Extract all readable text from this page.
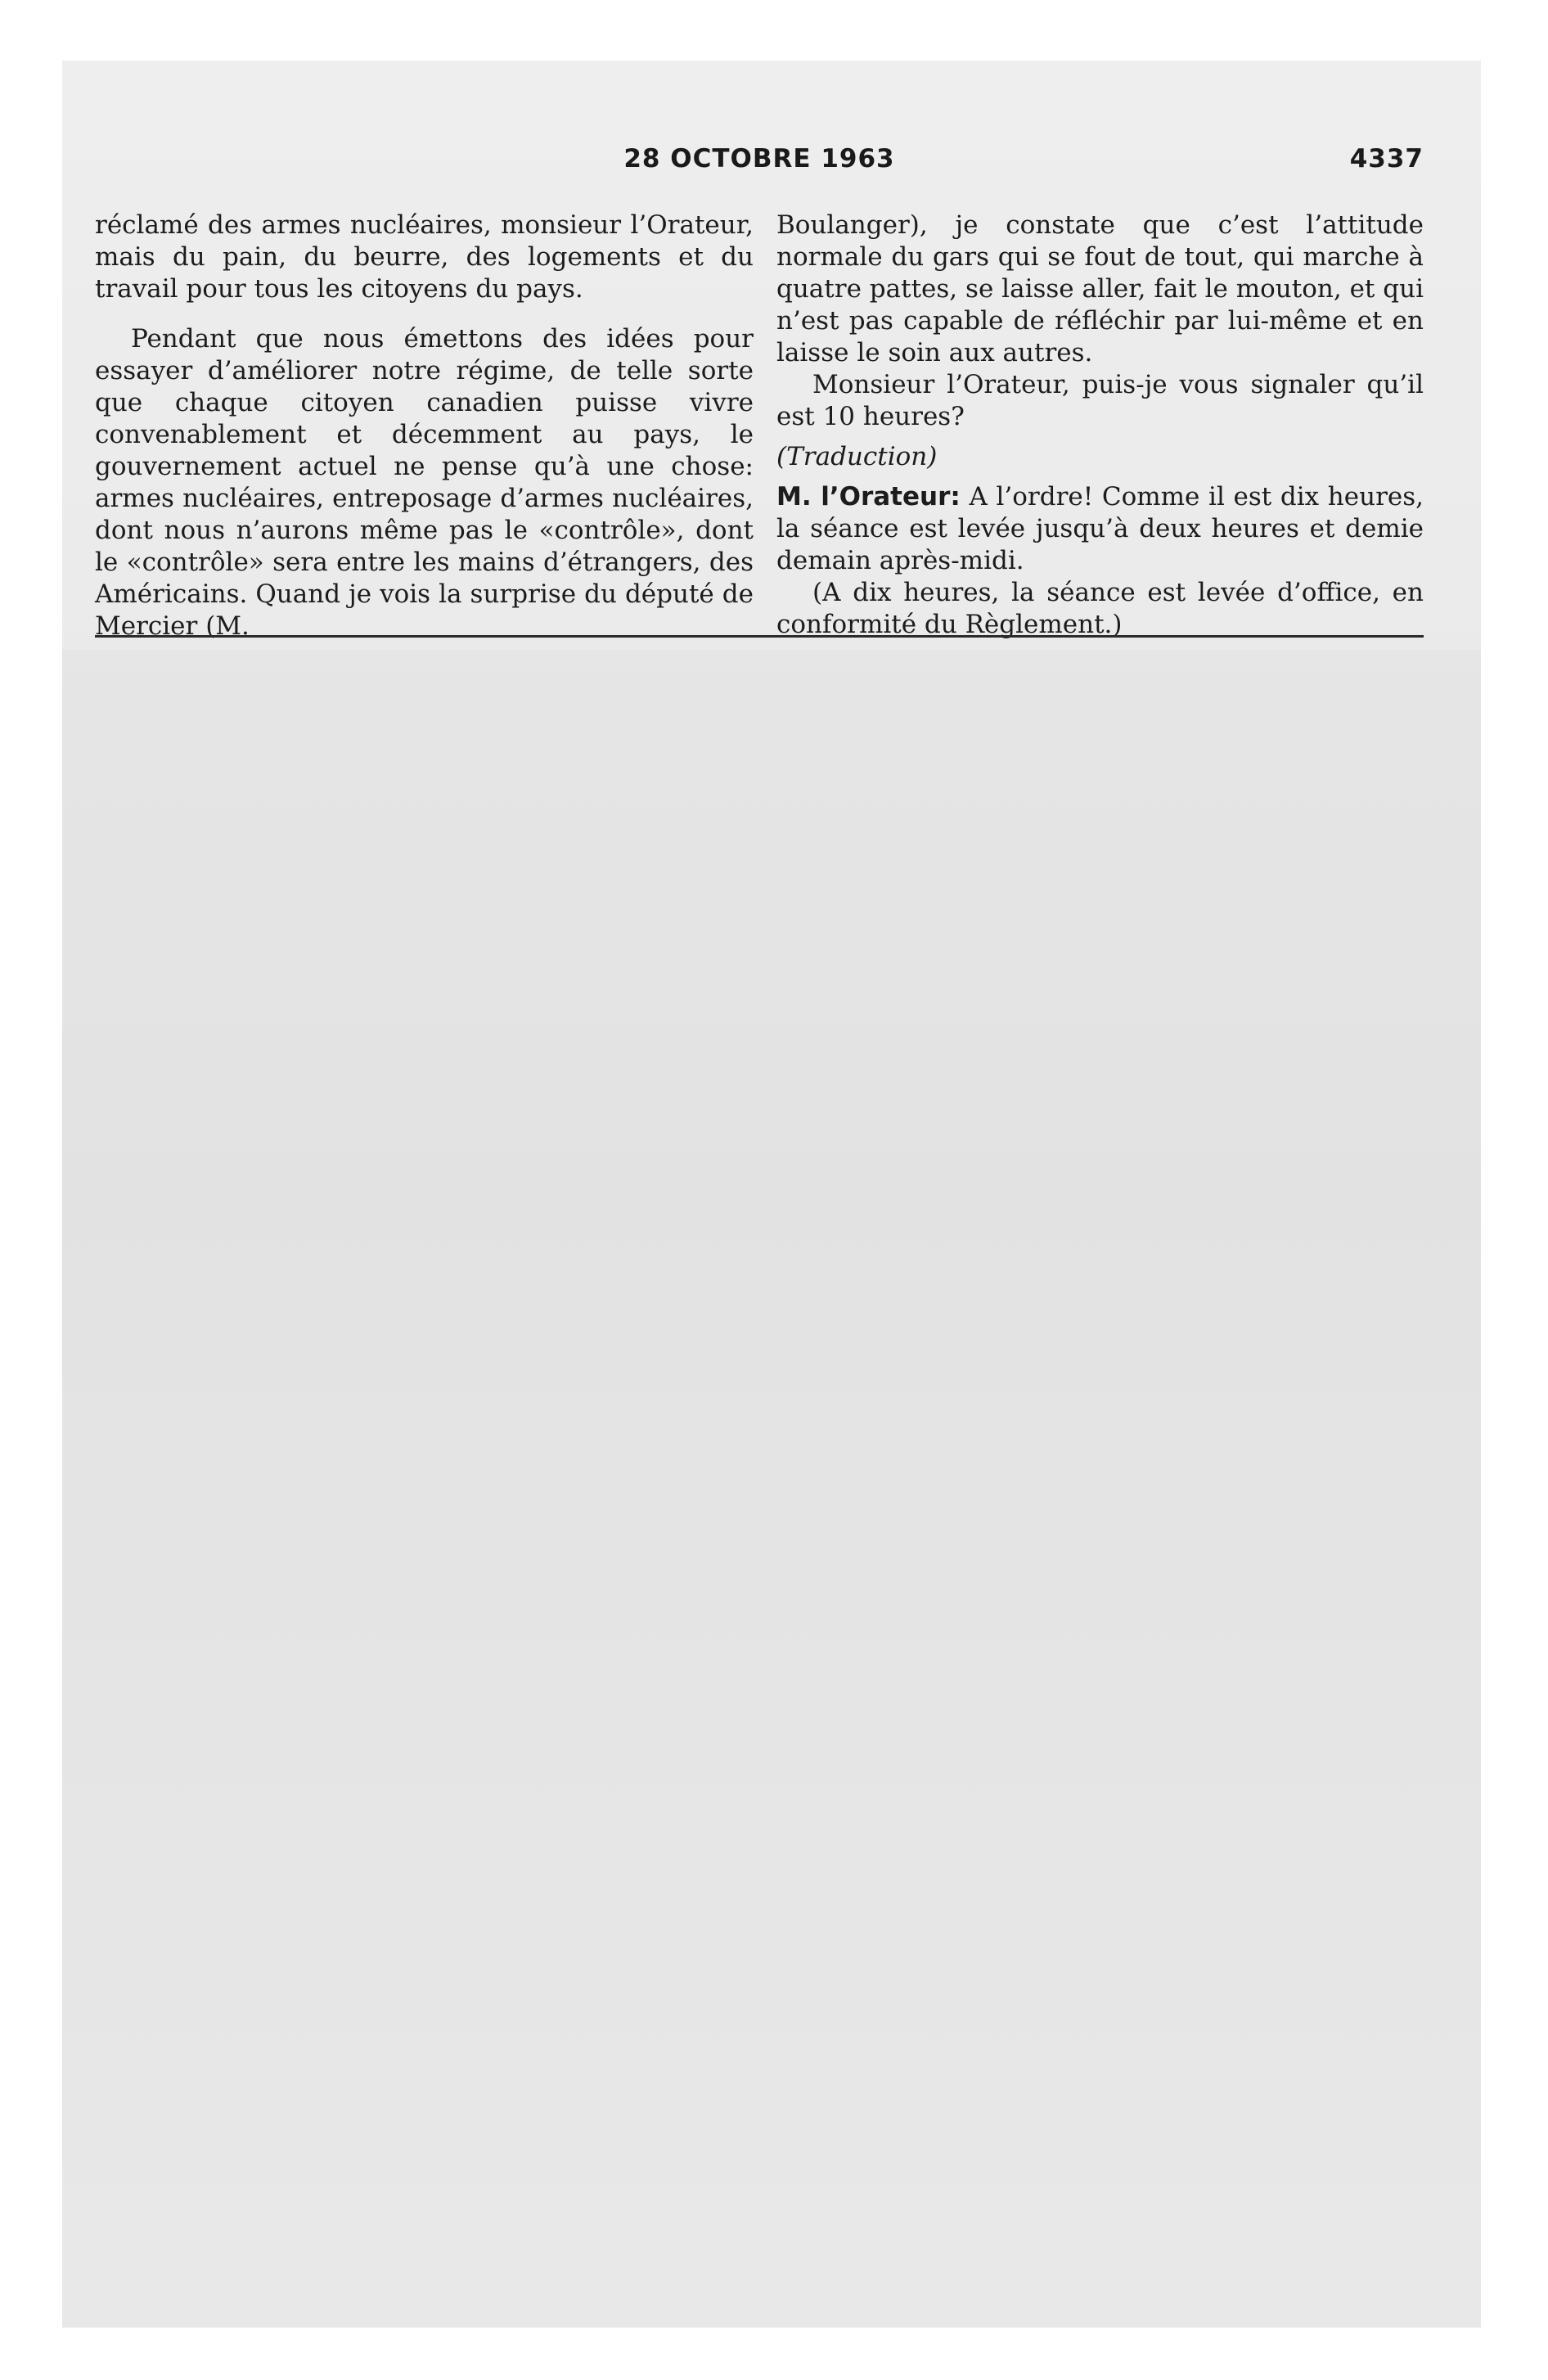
28 OCTOBRE 1963	4337

réclamé des armes nucléaires, monsieur l’Orateur, mais du pain, du beurre, des logements et du travail pour tous les citoyens du pays.

Pendant que nous émettons des idées pour essayer d’améliorer notre régime, de telle sorte que chaque citoyen canadien puisse vivre convenablement et décemment au pays, le gouvernement actuel ne pense qu’à une chose: armes nucléaires, entreposage d’armes nucléaires, dont nous n’aurons même pas le «contrôle», dont le «contrôle» sera entre les mains d’étrangers, des Américains. Quand je vois la surprise du député de Mercier (M.

Boulanger), je constate que c’est l’attitude normale du gars qui se fout de tout, qui marche à quatre pattes, se laisse aller, fait le mouton, et qui n’est pas capable de réfléchir par lui-même et en laisse le soin aux autres.

Monsieur l’Orateur, puis-je vous signaler qu’il est 10 heures?

(Traduction)

M. l’Orateur: A l’ordre! Comme il est dix heures, la séance est levée jusqu’à deux heures et demie demain après-midi.

(A dix heures, la séance est levée d’office, en conformité du Règlement.)
